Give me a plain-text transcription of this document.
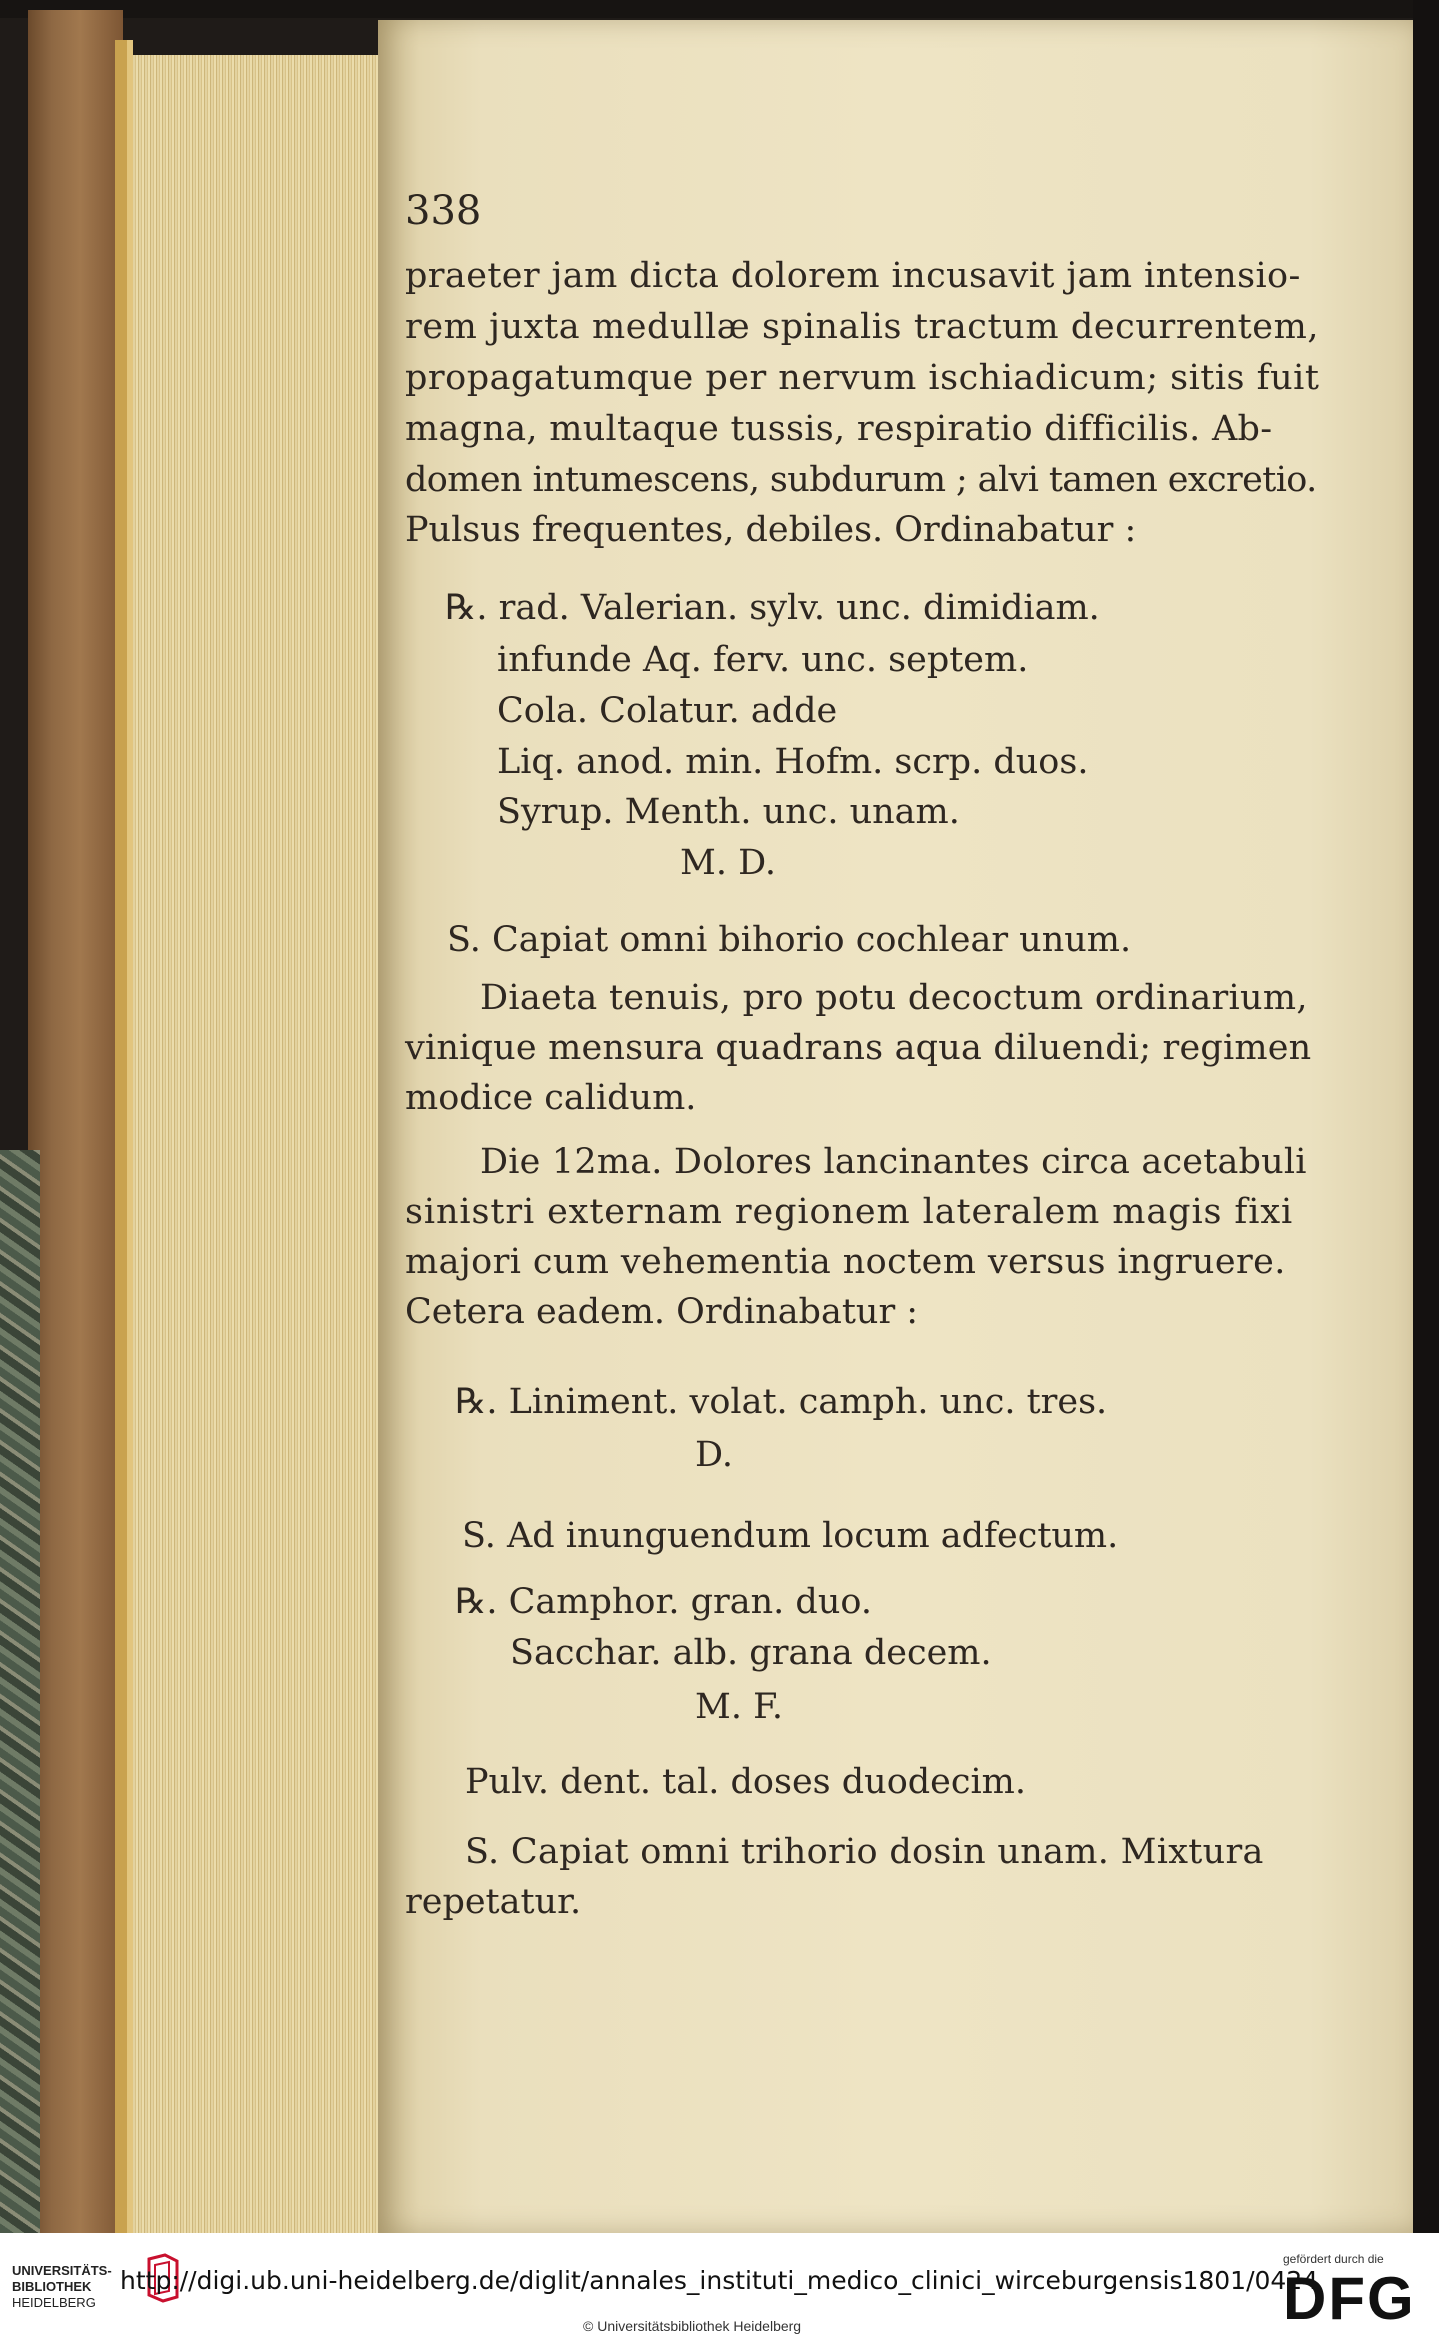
338
praeter jam dicta dolorem incusavit jam intensio-
rem juxta medullæ spinalis tractum decurrentem,
propagatumque per nervum ischiadicum; sitis fuit
magna, multaque tussis, respiratio difficilis. Ab-
domen intumescens, subdurum ; alvi tamen excretio.
Pulsus frequentes, debiles. Ordinabatur :
℞. rad. Valerian. sylv. unc. dimidiam.
infunde Aq. ferv. unc. septem.
Cola. Colatur. adde
Liq. anod. min. Hofm. scrp. duos.
Syrup. Menth. unc. unam.
M. D.
S. Capiat omni bihorio cochlear unum.
Diaeta tenuis, pro potu decoctum ordinarium,
vinique mensura quadrans aqua diluendi; regimen
modice calidum.
Die 12ma. Dolores lancinantes circa acetabuli
sinistri externam regionem lateralem magis fixi
majori cum vehementia noctem versus ingruere.
Cetera eadem. Ordinabatur :
℞. Liniment. volat. camph. unc. tres.
D.
S. Ad inunguendum locum adfectum.
℞. Camphor. gran. duo.
Sacchar. alb. grana decem.
M. F.
Pulv. dent. tal. doses duodecim.
S. Capiat omni trihorio dosin unam. Mixtura
repetatur.
UNIVERSITÄTS-
BIBLIOTHEK
HEIDELBERG
http://digi.ub.uni-heidelberg.de/diglit/annales_instituti_medico_clinici_wirceburgensis1801/0424
© Universitätsbibliothek Heidelberg
gefördert durch die
DFG
